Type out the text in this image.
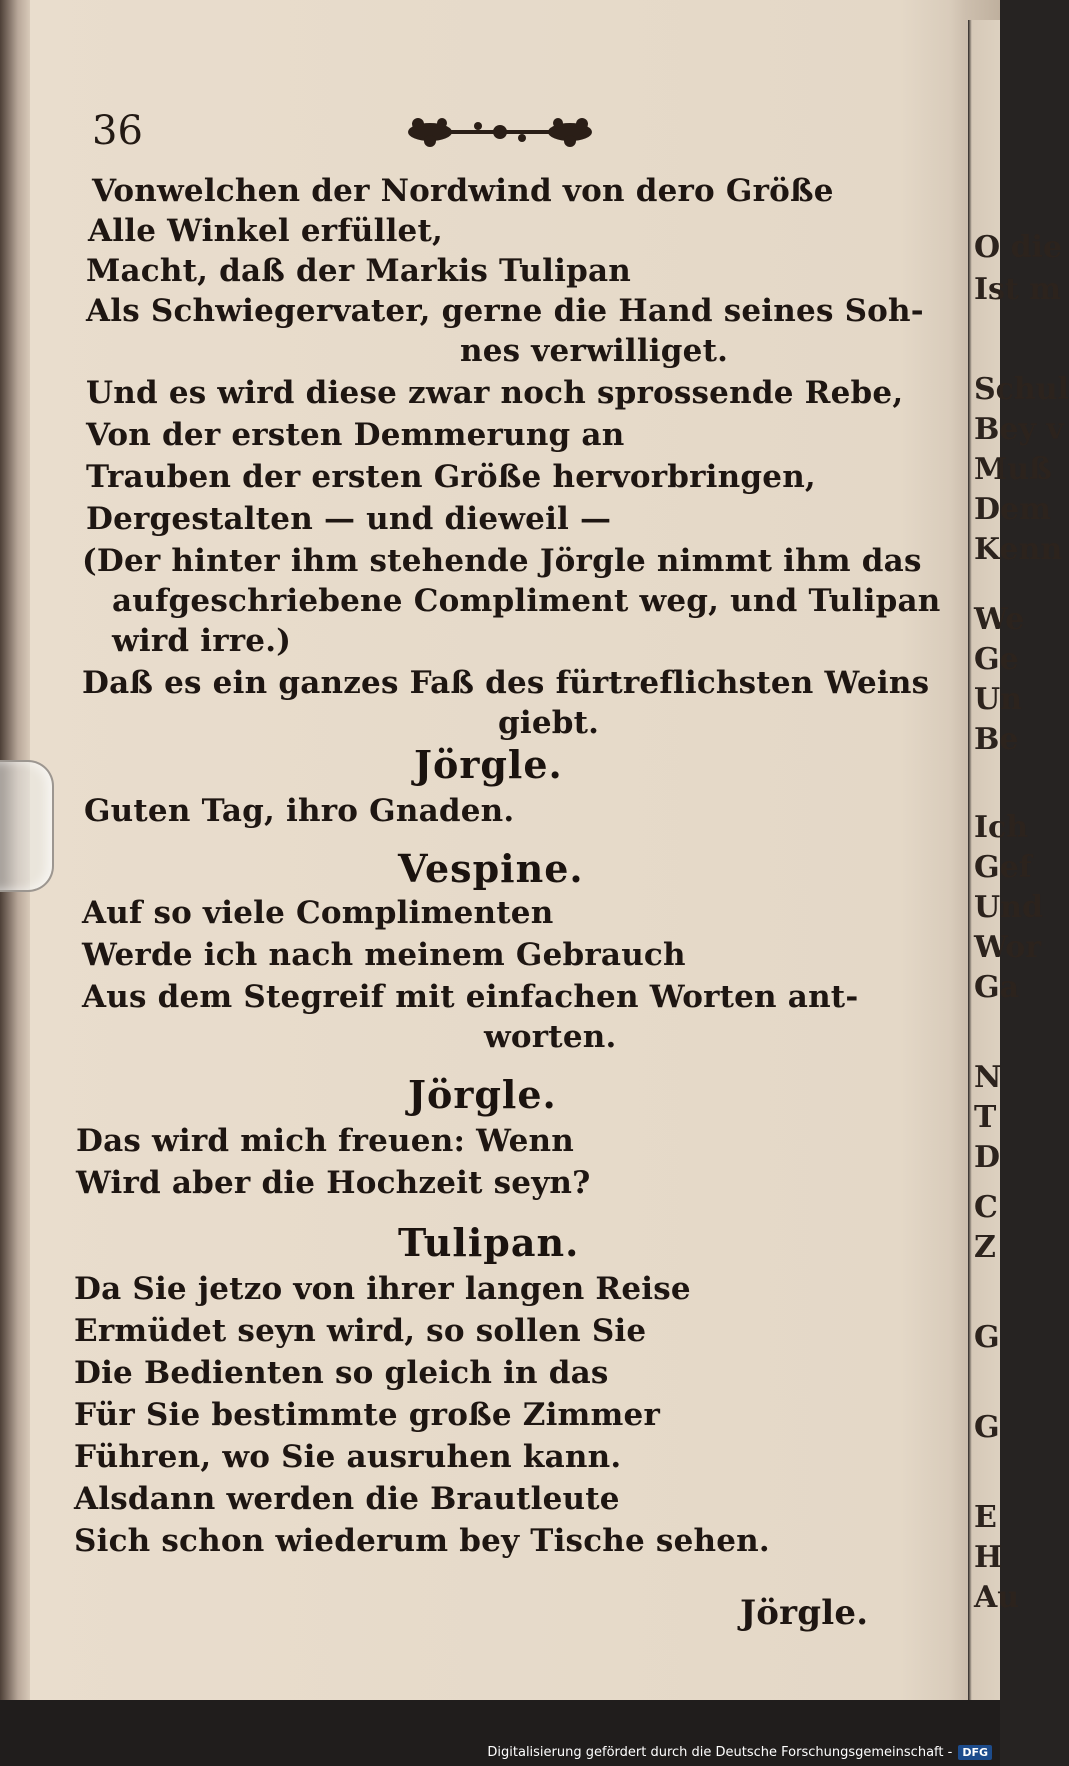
O die
Ist m
Schul
Bey v
Muß
Dem
Kenn
We
Ge
Un
Be
Ich
Gef
Und
Wor
Ga
N
T
D
C
Z
G
G
E
H
Au
36
Vonwelchen der Nordwind von dero Größe
Alle Winkel erfüllet,
Macht, daß der Markis Tulipan
Als Schwiegervater, gerne die Hand seines Soh-
nes verwilliget.
Und es wird diese zwar noch sprossende Rebe,
Von der ersten Demmerung an
Trauben der ersten Größe hervorbringen,
Dergestalten — und dieweil —
(Der hinter ihm stehende Jörgle nimmt ihm das
aufgeschriebene Compliment weg, und Tulipan
wird irre.)
Daß es ein ganzes Faß des fürtreflichsten Weins
giebt.
Jörgle.
Guten Tag, ihro Gnaden.
Vespine.
Auf so viele Complimenten
Werde ich nach meinem Gebrauch
Aus dem Stegreif mit einfachen Worten ant-
worten.
Jörgle.
Das wird mich freuen: Wenn
Wird aber die Hochzeit seyn?
Tulipan.
Da Sie jetzo von ihrer langen Reise
Ermüdet seyn wird, so sollen Sie
Die Bedienten so gleich in das
Für Sie bestimmte große Zimmer
Führen, wo Sie ausruhen kann.
Alsdann werden die Brautleute
Sich schon wiederum bey Tische sehen.
Jörgle.
Digitalisierung gefördert durch die Deutsche Forschungsgemeinschaft - DFG
